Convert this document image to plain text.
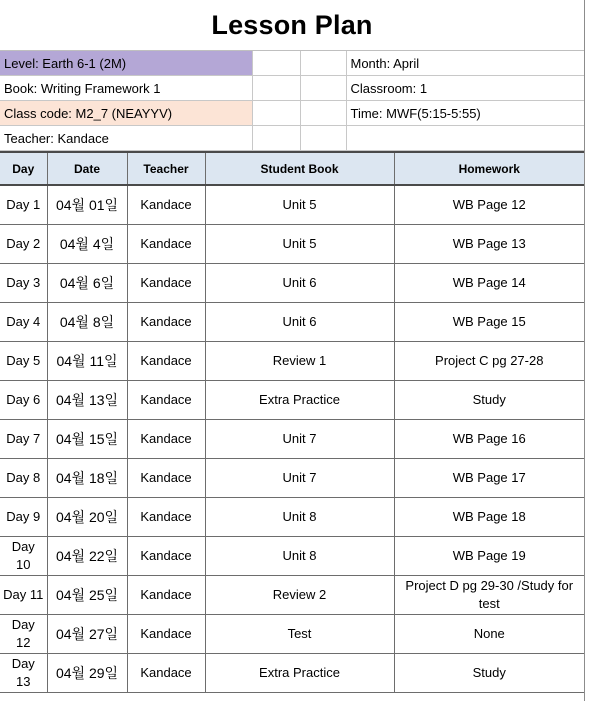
Lesson Plan
Level: Earth 6-1 (2M)			Month: April
Book: Writing Framework 1			Classroom: 1
Class code: M2_7 (NEAYYV)			Time: MWF(5:15-5:55)
Teacher: Kandace			
Day	Date	Teacher	Student Book	Homework
Day 1	04월 01일	Kandace	Unit 5	WB Page 12
Day 2	04월 4일	Kandace	Unit 5	WB Page 13
Day 3	04월 6일	Kandace	Unit 6	WB Page 14
Day 4	04월 8일	Kandace	Unit 6	WB Page 15
Day 5	04월 11일	Kandace	Review 1	Project C pg 27-28
Day 6	04월 13일	Kandace	Extra Practice	Study
Day 7	04월 15일	Kandace	Unit 7	WB Page 16
Day 8	04월 18일	Kandace	Unit 7	WB Page 17
Day 9	04월 20일	Kandace	Unit 8	WB Page 18
Day 10	04월 22일	Kandace	Unit 8	WB Page 19
Day 11	04월 25일	Kandace	Review 2	Project D pg 29-30 /Study for test
Day 12	04월 27일	Kandace	Test	None
Day 13	04월 29일	Kandace	Extra Practice	Study
